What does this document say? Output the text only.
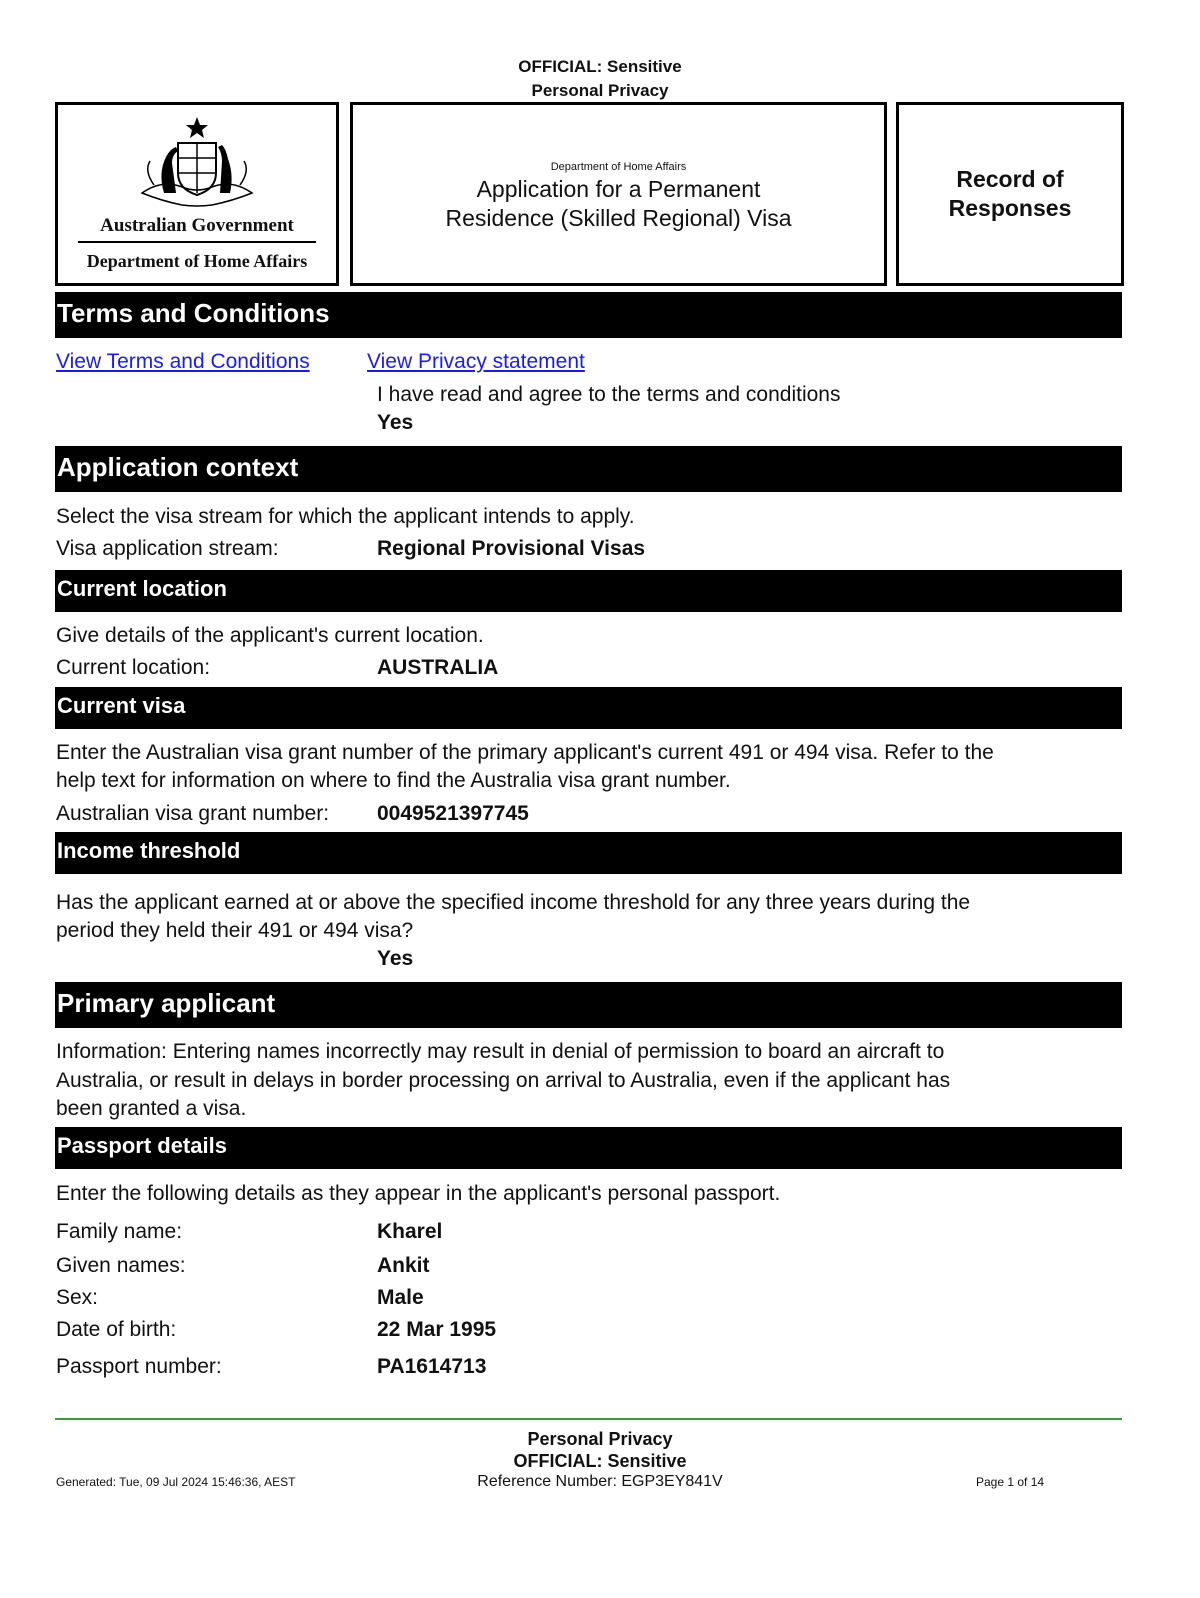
OFFICIAL: Sensitive
Personal Privacy
Australian Government
Department of Home Affairs
Department of Home Affairs
Application for a Permanent
Residence (Skilled Regional) Visa
Record of
Responses
Terms and Conditions
View Terms and Conditions	View Privacy statement
I have read and agree to the terms and conditions
Yes
Application context
Select the visa stream for which the applicant intends to apply.
Visa application stream:	Regional Provisional Visas
Current location
Give details of the applicant's current location.
Current location:	AUSTRALIA
Current visa
Enter the Australian visa grant number of the primary applicant's current 491 or 494 visa. Refer to the
help text for information on where to find the Australia visa grant number.
Australian visa grant number: 0049521397745
Income threshold
Has the applicant earned at or above the specified income threshold for any three years during the
period they held their 491 or 494 visa?
Yes
Primary applicant
Information: Entering names incorrectly may result in denial of permission to board an aircraft to
Australia, or result in delays in border processing on arrival to Australia, even if the applicant has
been granted a visa.
Passport details
Enter the following details as they appear in the applicant's personal passport.
Family name:	Kharel
Given names:	Ankit
Sex:	Male
Date of birth:	22 Mar 1995
Passport number:	PA1614713
Personal Privacy
OFFICIAL: Sensitive
Generated: Tue, 09 Jul 2024 15:46:36, AEST	Reference Number: EGP3EY841V	Page 1 of 14
